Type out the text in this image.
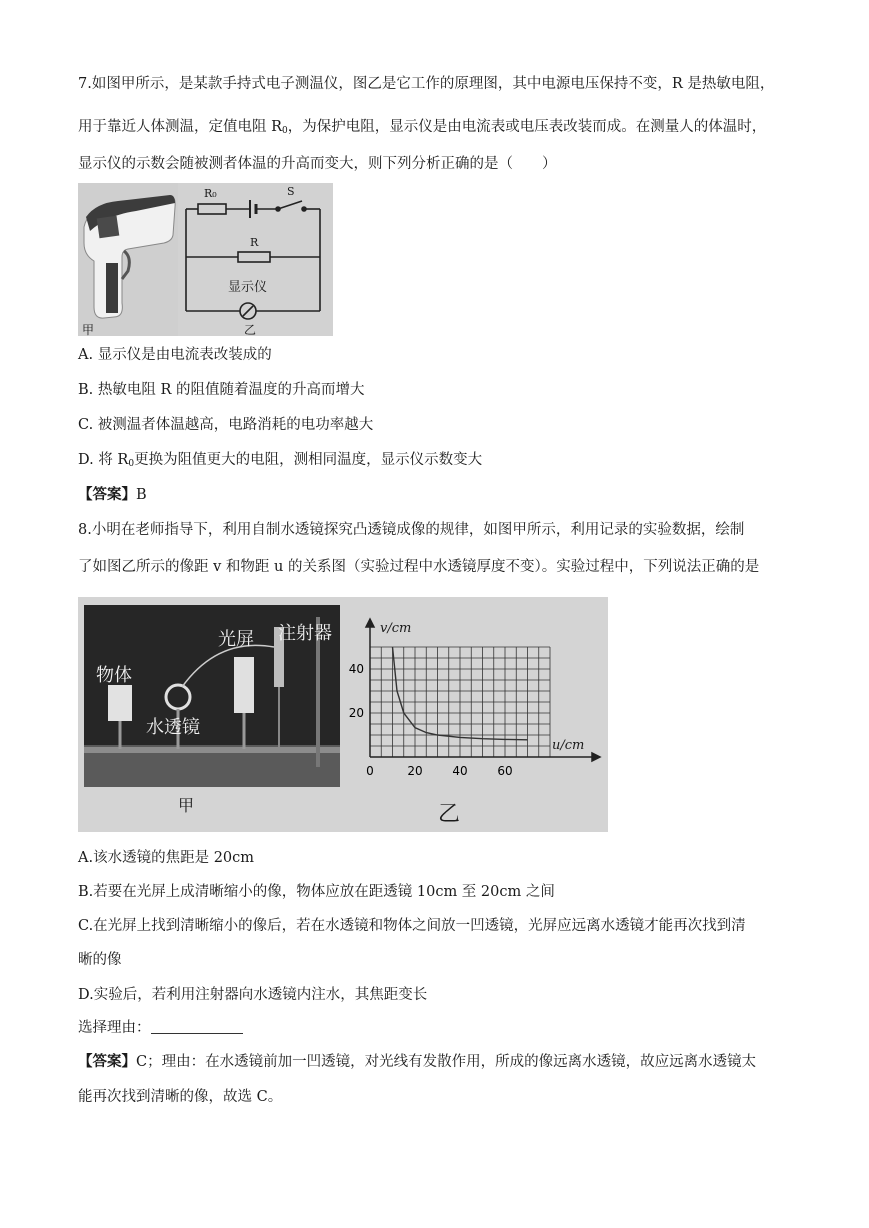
7.如图甲所示，是某款手持式电子测温仪，图乙是它工作的原理图，其中电源电压保持不变，R 是热敏电阻，
用于靠近人体测温，定值电阻 $R_0$，为保护电阻，显示仪是由电流表或电压表改装而成。在测量人的体温时，
显示仪的示数会随被测者体温的升高而变大，则下列分析正确的是（　　）
R₀	S
R
显示仪
甲	乙
A. 显示仪是由电流表改装成的
B. 热敏电阻 R 的阻值随着温度的升高而增大
C. 被测温者体温越高，电路消耗的电功率越大
D. 将 $R_0$更换为阻值更大的电阻，测相同温度，显示仪示数变大
【答案】B
8.小明在老师指导下，利用自制水透镜探究凸透镜成像的规律，如图甲所示，利用记录的实验数据，绘制
了如图乙所示的像距 v 和物距 u 的关系图（实验过程中水透镜厚度不变）。实验过程中，下列说法正确的是
0	20 40 60
20
40
物体
水透镜
光屏 注射器
甲	乙
v/cm
u/cm
A.该水透镜的焦距是 20cm
B.若要在光屏上成清晰缩小的像，物体应放在距透镜 10cm 至 20cm 之间
C.在光屏上找到清晰缩小的像后，若在水透镜和物体之间放一凹透镜，光屏应远离水透镜才能再次找到清
晰的像
D.实验后，若利用注射器向水透镜内注水，其焦距变长
选择理由：
【答案】C；理由：在水透镜前加一凹透镜，对光线有发散作用，所成的像远离水透镜，故应远离水透镜太
能再次找到清晰的像，故选 C。
